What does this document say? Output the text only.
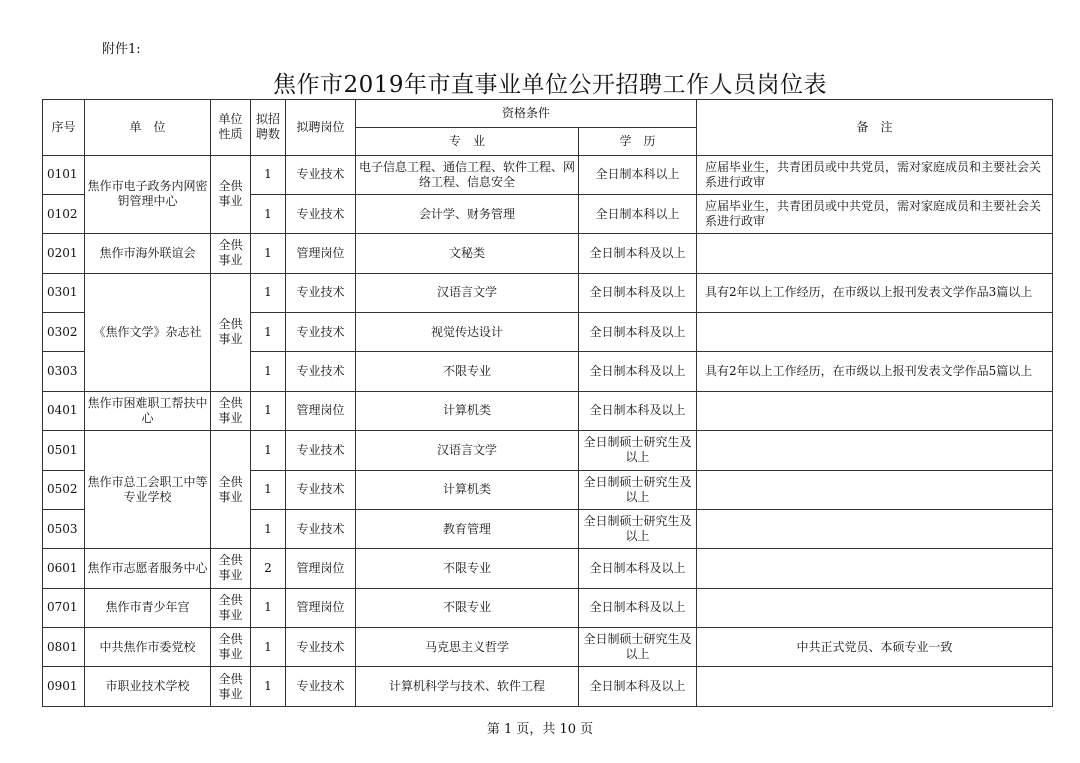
附件1:
焦作市2019年市直事业单位公开招聘工作人员岗位表
序号	单　位	单位性质	拟招聘数	拟聘岗位	资格条件		备　注
					专　业	学　历	
0101	焦作市电子政务内网密钥管理中心	全供事业	1	专业技术	电子信息工程、通信工程、软件工程、网络工程、信息安全	全日制本科以上	应届毕业生，共青团员或中共党员，需对家庭成员和主要社会关系进行政审
0102			1	专业技术	会计学、财务管理	全日制本科以上	应届毕业生，共青团员或中共党员，需对家庭成员和主要社会关系进行政审
0201	焦作市海外联谊会	全供事业	1	管理岗位	文秘类	全日制本科及以上	
0301	《焦作文学》杂志社	全供事业	1	专业技术	汉语言文学	全日制本科及以上	具有2年以上工作经历，在市级以上报刊发表文学作品3篇以上
0302			1	专业技术	视觉传达设计	全日制本科及以上	
0303			1	专业技术	不限专业	全日制本科及以上	具有2年以上工作经历，在市级以上报刊发表文学作品5篇以上
0401	焦作市困难职工帮扶中心	全供事业	1	管理岗位	计算机类	全日制本科及以上	
0501	焦作市总工会职工中等专业学校	全供事业	1	专业技术	汉语言文学	全日制硕士研究生及以上	
0502			1	专业技术	计算机类	全日制硕士研究生及以上	
0503			1	专业技术	教育管理	全日制硕士研究生及以上	
0601	焦作市志愿者服务中心	全供事业	2	管理岗位	不限专业	全日制本科及以上	
0701	焦作市青少年宫	全供事业	1	管理岗位	不限专业	全日制本科及以上	
0801	中共焦作市委党校	全供事业	1	专业技术	马克思主义哲学	全日制硕士研究生及以上	中共正式党员、本硕专业一致
0901	市职业技术学校	全供事业	1	专业技术	计算机科学与技术、软件工程	全日制本科及以上	
第 1 页，共 10 页
